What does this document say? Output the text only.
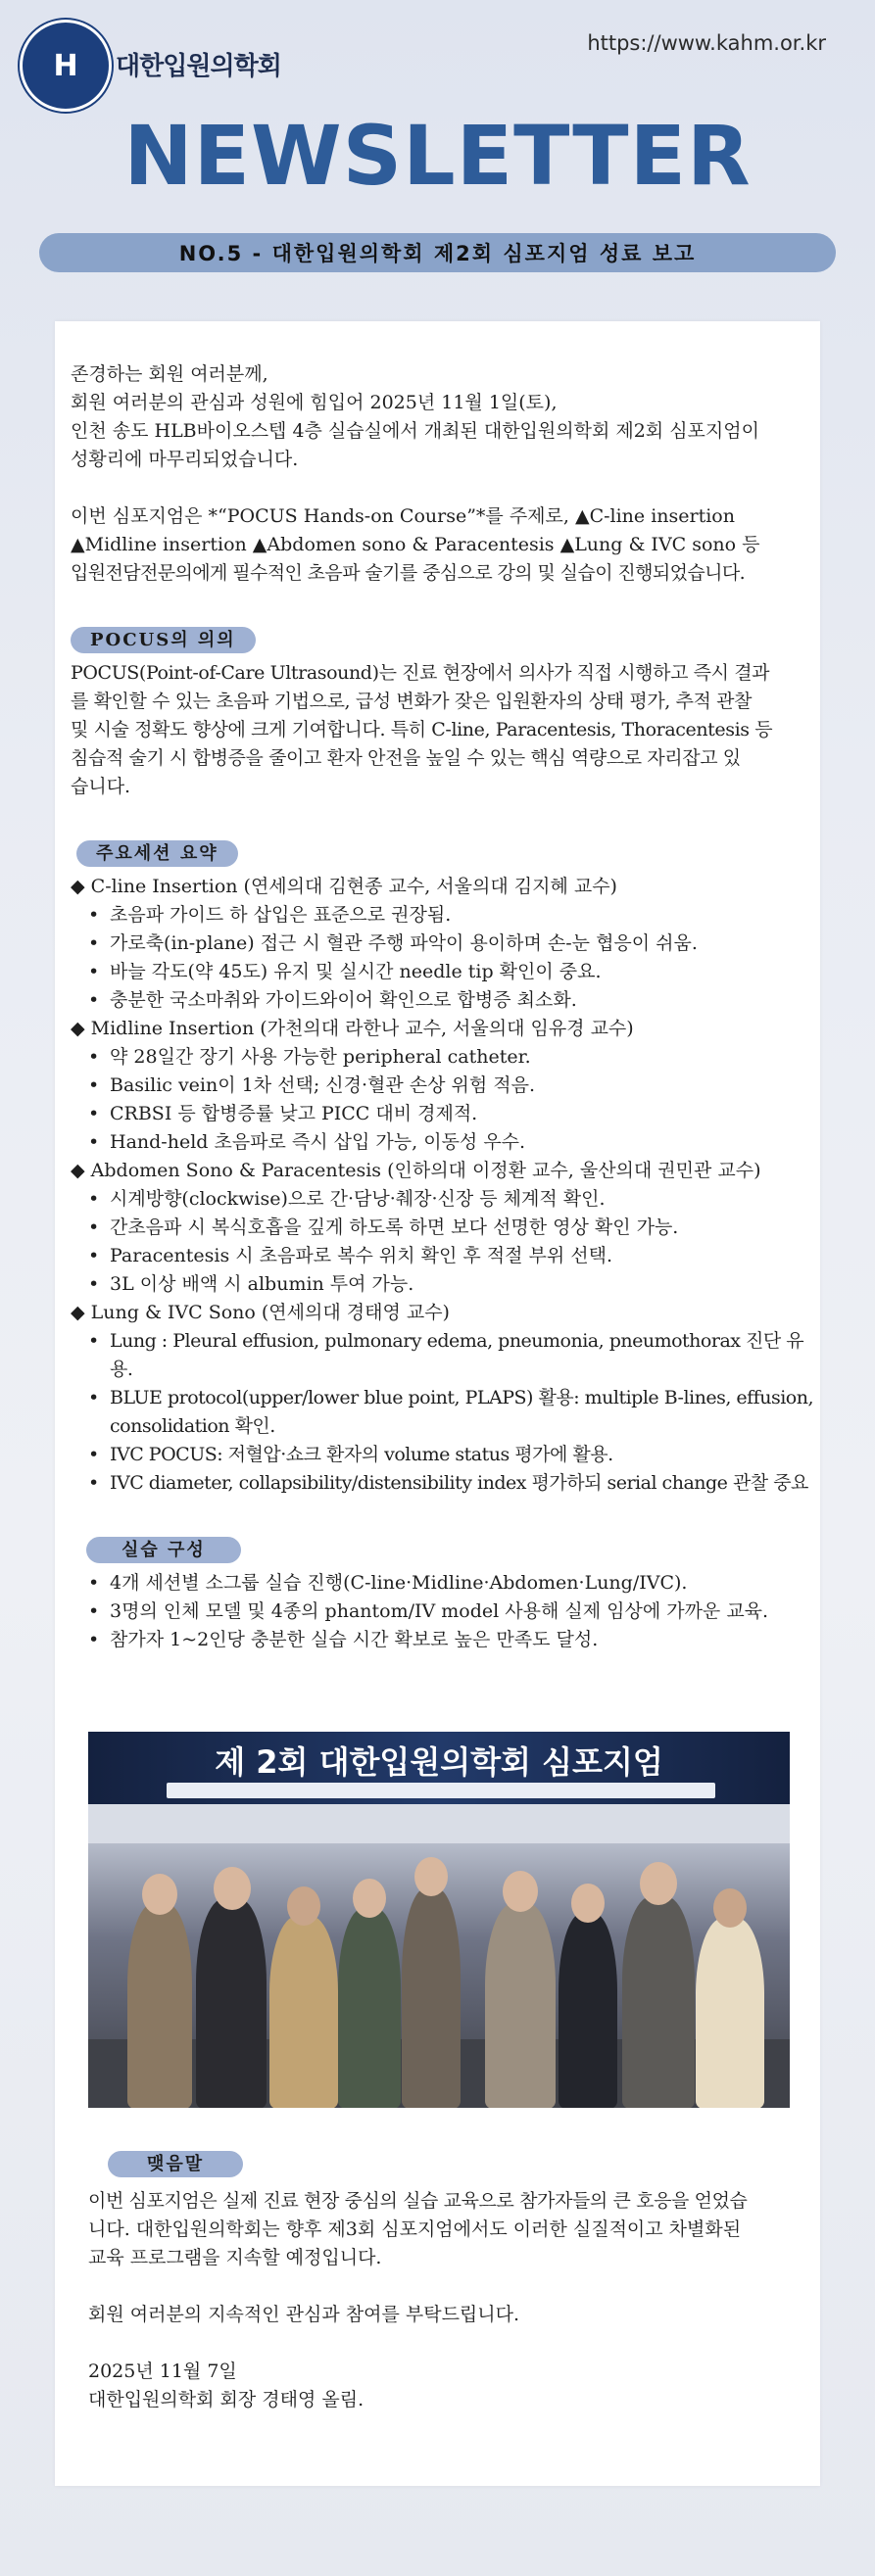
H 대한입원의학회
https://www.kahm.or.kr
NEWSLETTER
NO.5 - 대한입원의학회 제2회 심포지엄 성료 보고

존경하는 회원 여러분께,

회원 여러분의 관심과 성원에 힘입어 2025년 11월 1일(토),

인천 송도 HLB바이오스텝 4층 실습실에서 개최된 대한입원의학회 제2회 심포지엄이

성황리에 마무리되었습니다.

이번 심포지엄은 *“POCUS Hands-on Course”*를 주제로, ▲C-line insertion

▲Midline insertion ▲Abdomen sono & Paracentesis ▲Lung & IVC sono 등

입원전담전문의에게 필수적인 초음파 술기를 중심으로 강의 및 실습이 진행되었습니다.

POCUS의 의의

POCUS(Point-of-Care Ultrasound)는 진료 현장에서 의사가 직접 시행하고 즉시 결과

를 확인할 수 있는 초음파 기법으로, 급성 변화가 잦은 입원환자의 상태 평가, 추적 관찰

및 시술 정확도 향상에 크게 기여합니다. 특히 C-line, Paracentesis, Thoracentesis 등

침습적 술기 시 합병증을 줄이고 환자 안전을 높일 수 있는 핵심 역량으로 자리잡고 있

습니다.

주요세션 요약
◆ C-line Insertion (연세의대 김현종 교수, 서울의대 김지혜 교수)
• 초음파 가이드 하 삽입은 표준으로 권장됨.
• 가로축(in-plane) 접근 시 혈관 주행 파악이 용이하며 손-눈 협응이 쉬움.
• 바늘 각도(약 45도) 유지 및 실시간 needle tip 확인이 중요.
• 충분한 국소마취와 가이드와이어 확인으로 합병증 최소화.
◆ Midline Insertion (가천의대 라한나 교수, 서울의대 임유경 교수)
• 약 28일간 장기 사용 가능한 peripheral catheter.
• Basilic vein이 1차 선택; 신경·혈관 손상 위험 적음.
• CRBSI 등 합병증률 낮고 PICC 대비 경제적.
• Hand-held 초음파로 즉시 삽입 가능, 이동성 우수.
◆ Abdomen Sono & Paracentesis (인하의대 이정환 교수, 울산의대 권민관 교수)
• 시계방향(clockwise)으로 간·담낭·췌장·신장 등 체계적 확인.
• 간초음파 시 복식호흡을 깊게 하도록 하면 보다 선명한 영상 확인 가능.
• Paracentesis 시 초음파로 복수 위치 확인 후 적절 부위 선택.
• 3L 이상 배액 시 albumin 투여 가능.
◆ Lung & IVC Sono (연세의대 경태영 교수)
• Lung : Pleural effusion, pulmonary edema, pneumonia, pneumothorax 진단 유용.
• BLUE protocol(upper/lower blue point, PLAPS) 활용: multiple B-lines, effusion,
consolidation 확인.
• IVC POCUS: 저혈압·쇼크 환자의 volume status 평가에 활용.
• IVC diameter, collapsibility/distensibility index 평가하되 serial change 관찰 중요
실습 구성
• 4개 세션별 소그룹 실습 진행(C-line·Midline·Abdomen·Lung/IVC).
• 3명의 인체 모델 및 4종의 phantom/IV model 사용해 실제 임상에 가까운 교육.
• 참가자 1~2인당 충분한 실습 시간 확보로 높은 만족도 달성.
제 2회 대한입원의학회 심포지엄
맺음말

이번 심포지엄은 실제 진료 현장 중심의 실습 교육으로 참가자들의 큰 호응을 얻었습

니다. 대한입원의학회는 향후 제3회 심포지엄에서도 이러한 실질적이고 차별화된

교육 프로그램을 지속할 예정입니다.

회원 여러분의 지속적인 관심과 참여를 부탁드립니다.

2025년 11월 7일

대한입원의학회 회장 경태영 올림.
